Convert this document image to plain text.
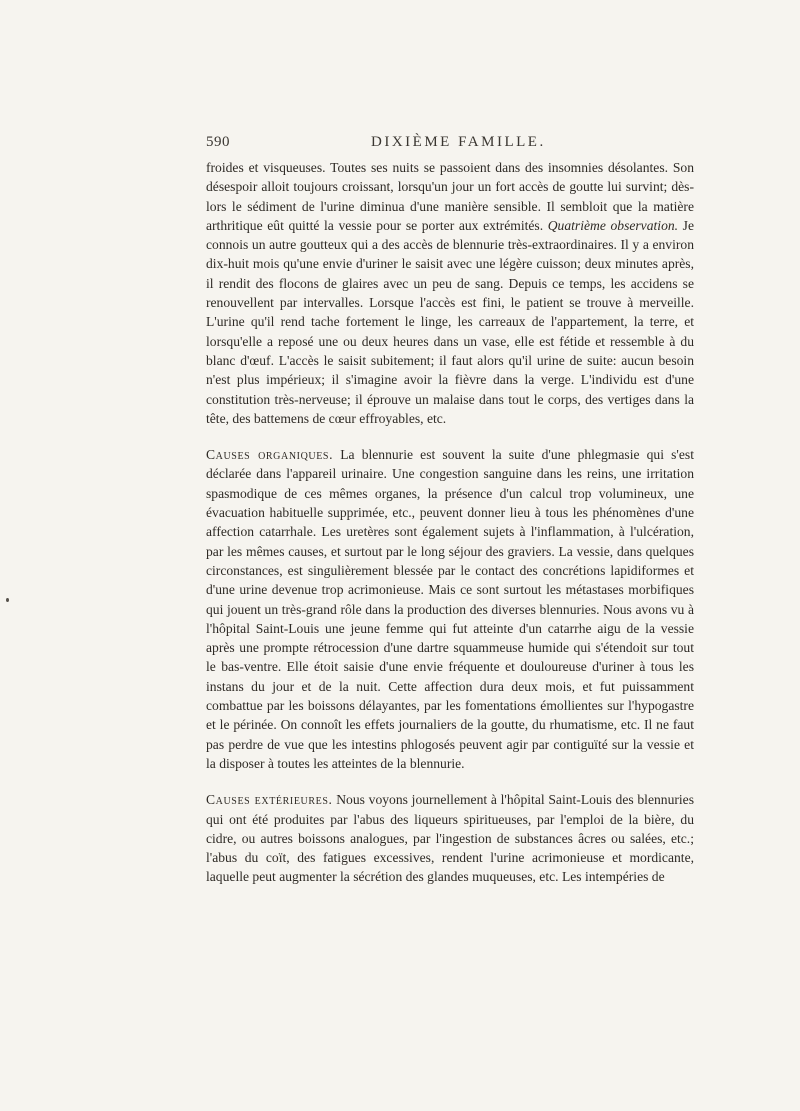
590	DIXIÈME FAMILLE.

froides et visqueuses. Toutes ses nuits se passoient dans des insomnies désolantes. Son désespoir alloit toujours croissant, lorsqu'un jour un fort accès de goutte lui survint; dès-lors le sédiment de l'urine diminua d'une manière sensible. Il sembloit que la matière arthritique eût quitté la vessie pour se porter aux extrémités. Quatrième observation. Je connois un autre goutteux qui a des accès de blennurie très-extraordinaires. Il y a environ dix-huit mois qu'une envie d'uriner le saisit avec une légère cuisson; deux minutes après, il rendit des flocons de glaires avec un peu de sang. Depuis ce temps, les accidens se renouvellent par intervalles. Lorsque l'accès est fini, le patient se trouve à merveille. L'urine qu'il rend tache fortement le linge, les carreaux de l'appartement, la terre, et lorsqu'elle a reposé une ou deux heures dans un vase, elle est fétide et ressemble à du blanc d'œuf. L'accès le saisit subitement; il faut alors qu'il urine de suite: aucun besoin n'est plus impérieux; il s'imagine avoir la fièvre dans la verge. L'individu est d'une constitution très-nerveuse; il éprouve un malaise dans tout le corps, des vertiges dans la tête, des battemens de cœur effroyables, etc.

Causes organiques. La blennurie est souvent la suite d'une phlegmasie qui s'est déclarée dans l'appareil urinaire. Une congestion sanguine dans les reins, une irritation spasmodique de ces mêmes organes, la présence d'un calcul trop volumineux, une évacuation habituelle supprimée, etc., peuvent donner lieu à tous les phénomènes d'une affection catarrhale. Les uretères sont également sujets à l'inflammation, à l'ulcération, par les mêmes causes, et surtout par le long séjour des graviers. La vessie, dans quelques circonstances, est singulièrement blessée par le contact des concrétions lapidiformes et d'une urine devenue trop acrimonieuse. Mais ce sont surtout les métastases morbifiques qui jouent un très-grand rôle dans la production des diverses blennuries. Nous avons vu à l'hôpital Saint-Louis une jeune femme qui fut atteinte d'un catarrhe aigu de la vessie après une prompte rétrocession d'une dartre squammeuse humide qui s'étendoit sur tout le bas-ventre. Elle étoit saisie d'une envie fréquente et douloureuse d'uriner à tous les instans du jour et de la nuit. Cette affection dura deux mois, et fut puissamment combattue par les boissons délayantes, par les fomentations émollientes sur l'hypogastre et le périnée. On connoît les effets journaliers de la goutte, du rhumatisme, etc. Il ne faut pas perdre de vue que les intestins phlogosés peuvent agir par contiguïté sur la vessie et la disposer à toutes les atteintes de la blennurie.

Causes extérieures. Nous voyons journellement à l'hôpital Saint-Louis des blennuries qui ont été produites par l'abus des liqueurs spiritueuses, par l'emploi de la bière, du cidre, ou autres boissons analogues, par l'ingestion de substances âcres ou salées, etc.; l'abus du coït, des fatigues excessives, rendent l'urine acrimonieuse et mordicante, laquelle peut augmenter la sécrétion des glandes muqueuses, etc. Les intempéries de
